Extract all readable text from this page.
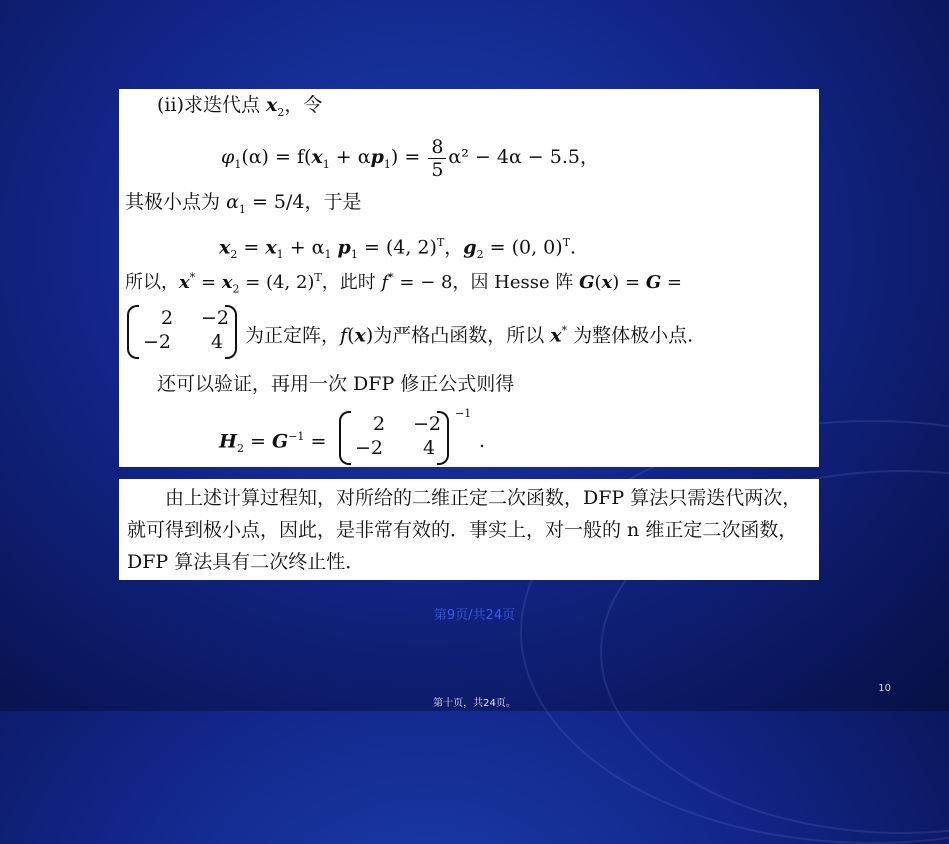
(ii)求迭代点 $x_2$，令
$\varphi_1(\alpha) = f(x_1 + \alpha p_1) = \frac{8}{5} \alpha^2 - 4\alpha - 5.5$，
其极小点为 $\alpha_1 = 5/4$，于是
$x_2 = x_1 + \alpha_1$ $p_1 = (4$, 2)$^T$，$g_2 = (0$, 0)$^T$.
所以，$x^* = x_2 = (4$, 2)$^T$，此时 f* = − 8，因 Hesse 阵 G(x) = G =
2 −2
−2 4 为正定阵，f(x)为严格凸函数，所以 x* 为整体极小点.
还可以验证，再用一次 DFP 修正公式则得
$H_2 = G^{-1}$ =
2 −2
−2 4
−1
.
由上述计算过程知，对所给的二维正定二次函数，DFP 算法只需迭代两次，就可得到极小点，因此，是非常有效的．事实上，对一般的 n 维正定二次函数，DFP 算法具有二次终止性．
第9页/共24页
10
第十页，共24页。
